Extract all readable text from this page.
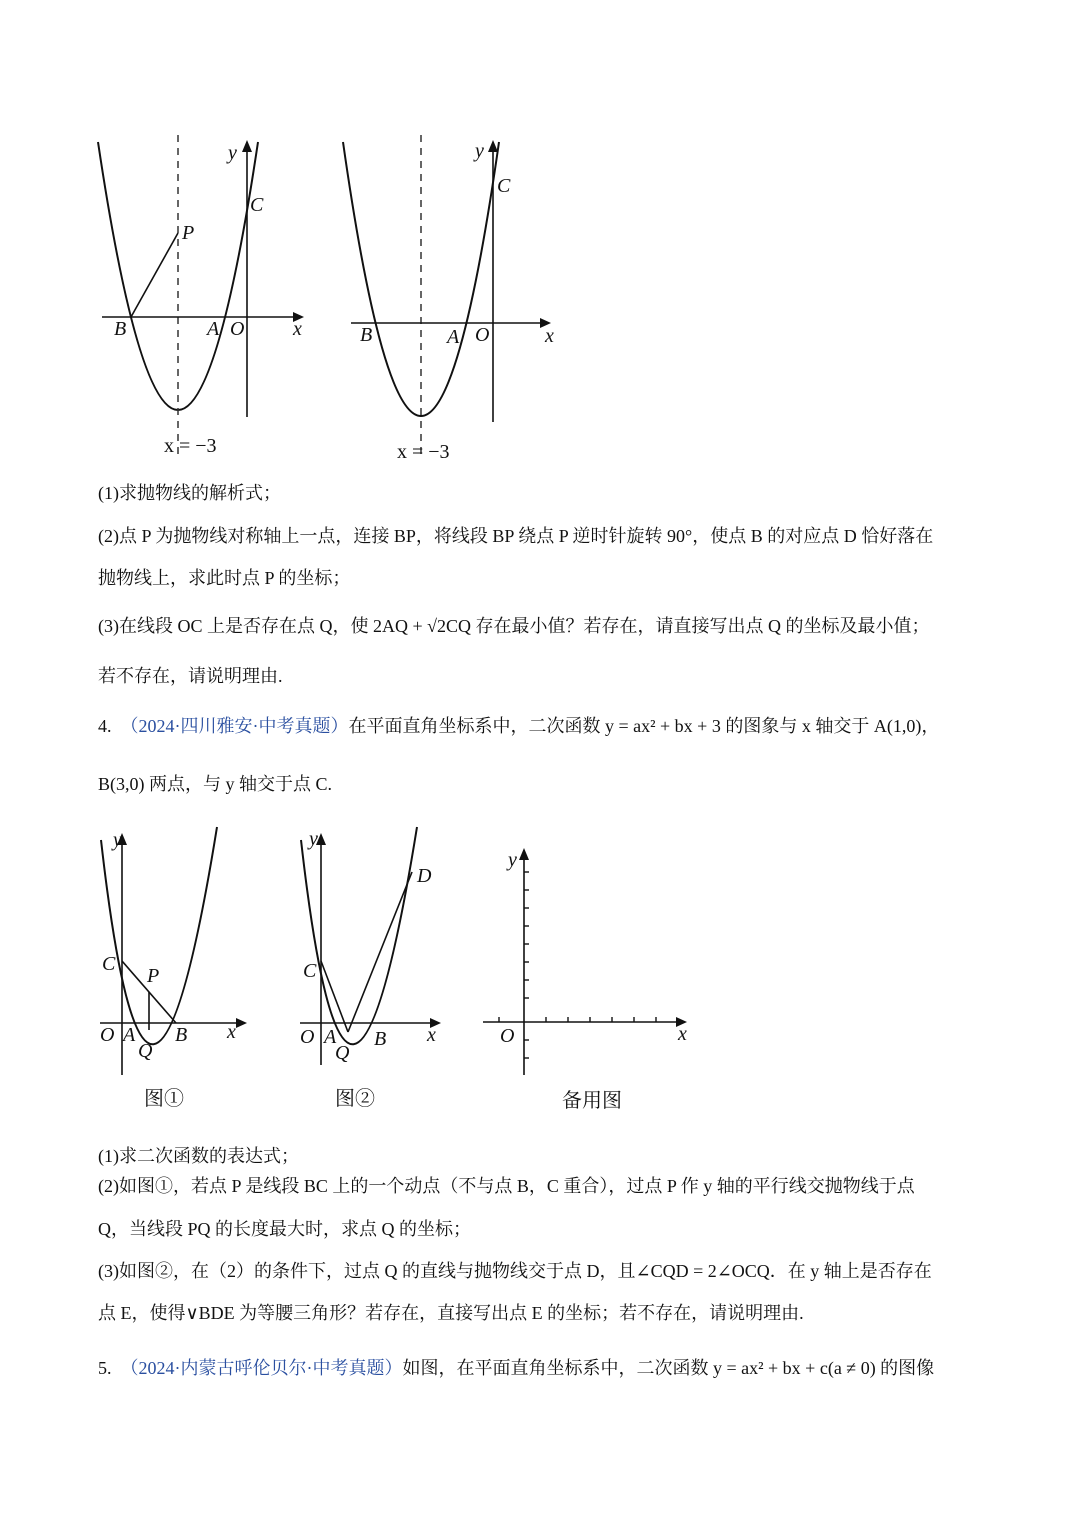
y
x
P
C
B	A O
x = −3
y
x
C
B	A O
x = −3
(1)求抛物线的解析式；
(2)点 P 为抛物线对称轴上一点，连接 BP，将线段 BP 绕点 P 逆时针旋转 90°，使点 B 的对应点 D 恰好落在
抛物线上，求此时点 P 的坐标；
(3)在线段 OC 上是否存在点 Q，使 2AQ + √2CQ 存在最小值？若存在，请直接写出点 Q 的坐标及最小值；
若不存在，请说明理由.
4. （2024·四川雅安·中考真题）在平面直角坐标系中，二次函数 y = ax² + bx + 3 的图象与 x 轴交于 A(1,0)，
B(3,0) 两点，与 y 轴交于点 C.
y
x
C
P
O A B
Q
图①
y
x
C
D
O A B
Q
图②
y
x
O
备用图
(1)求二次函数的表达式；
(2)如图①，若点 P 是线段 BC 上的一个动点（不与点 B，C 重合），过点 P 作 y 轴的平行线交抛物线于点
Q，当线段 PQ 的长度最大时，求点 Q 的坐标；
(3)如图②，在（2）的条件下，过点 Q 的直线与抛物线交于点 D，且∠CQD = 2∠OCQ．在 y 轴上是否存在
点 E，使得∨BDE 为等腰三角形？若存在，直接写出点 E 的坐标；若不存在，请说明理由.
5. （2024·内蒙古呼伦贝尔·中考真题）如图，在平面直角坐标系中，二次函数 y = ax² + bx + c(a ≠ 0) 的图像
